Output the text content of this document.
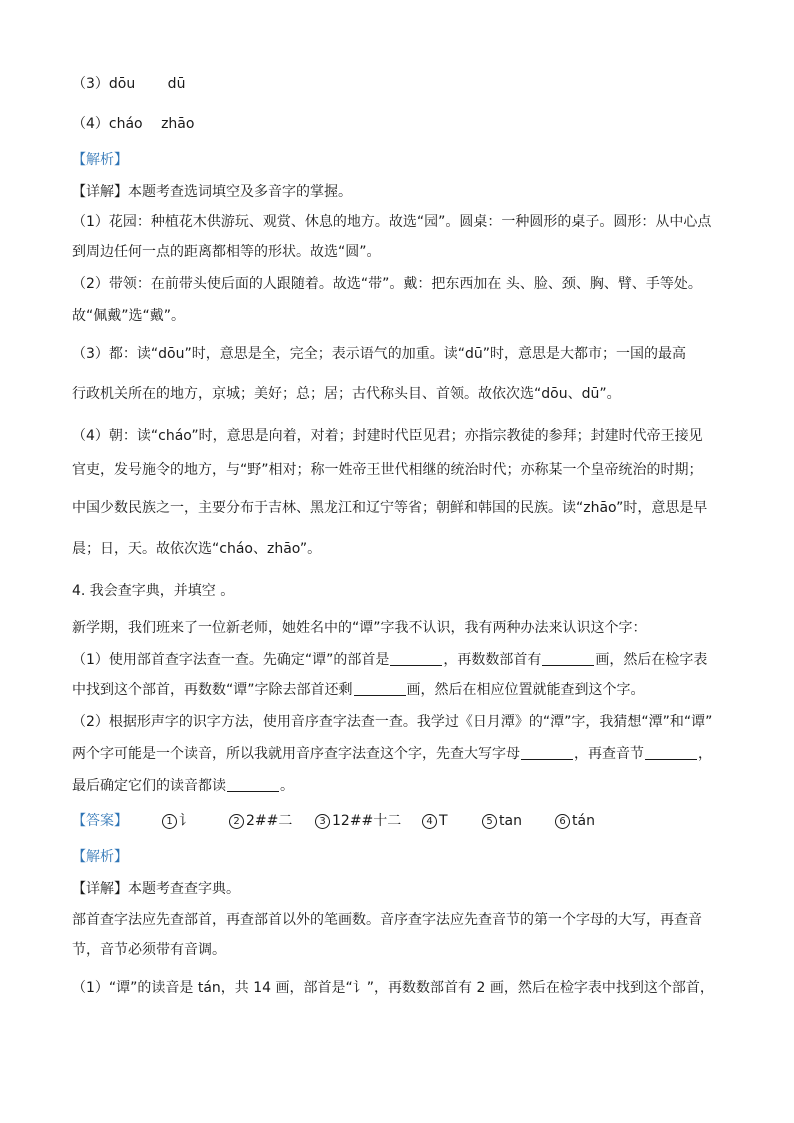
（3）dōu　　 dū
（4）cháo　 zhāo
【解析】
【详解】本题考查选词填空及多音字的掌握。
（1）花园：种植花木供游玩、观赏、休息的地方。故选“园”。圆桌：一种圆形的桌子。圆形：从中心点
到周边任何一点的距离都相等的形状。故选“圆”。
（2）带领：在前带头使后面的人跟随着。故选“带”。戴：把东西加在 头、脸、颈、胸、臂、手等处。
故“佩戴”选“戴”。
（3）都：读“dōu”时，意思是全，完全；表示语气的加重。读“dū”时，意思是大都市；一国的最高
行政机关所在的地方，京城；美好；总；居；古代称头目、首领。故依次选“dōu、dū”。
（4）朝：读“cháo”时，意思是向着，对着；封建时代臣见君；亦指宗教徒的参拜；封建时代帝王接见
官吏，发号施令的地方，与“野”相对；称一姓帝王世代相继的统治时代；亦称某一个皇帝统治的时期；
中国少数民族之一，主要分布于吉林、黑龙江和辽宁等省；朝鲜和韩国的民族。读“zhāo”时，意思是早
晨；日，天。故依次选“cháo、zhāo”。
4. 我会查字典，并填空 。
新学期，我们班来了一位新老师，她姓名中的“谭”字我不认识，我有两种办法来认识这个字：
（1）使用部首查字法查一查。先确定“谭”的部首是	，再数数部首有	画，然后在检字表
中找到这个部首，再数数“谭”字除去部首还剩	画，然后在相应位置就能查到这个字。
（2）根据形声字的识字方法，使用音序查字法查一查。我学过《日月潭》的“潭”字，我猜想“潭”和“谭”
两个字可能是一个读音，所以我就用音序查字法查这个字，先查大写字母	，再查音节	，
最后确定它们的读音都读	。
【答案】	1 讠	2 2##二	3 12##十二	4 T	5 tan	6 tán
【解析】
【详解】本题考查查字典。
部首查字法应先查部首，再查部首以外的笔画数。音序查字法应先查音节的第一个字母的大写，再查音
节，音节必须带有音调。
（1）“谭”的读音是 tán，共 14 画，部首是“讠”，再数数部首有 2 画，然后在检字表中找到这个部首，
